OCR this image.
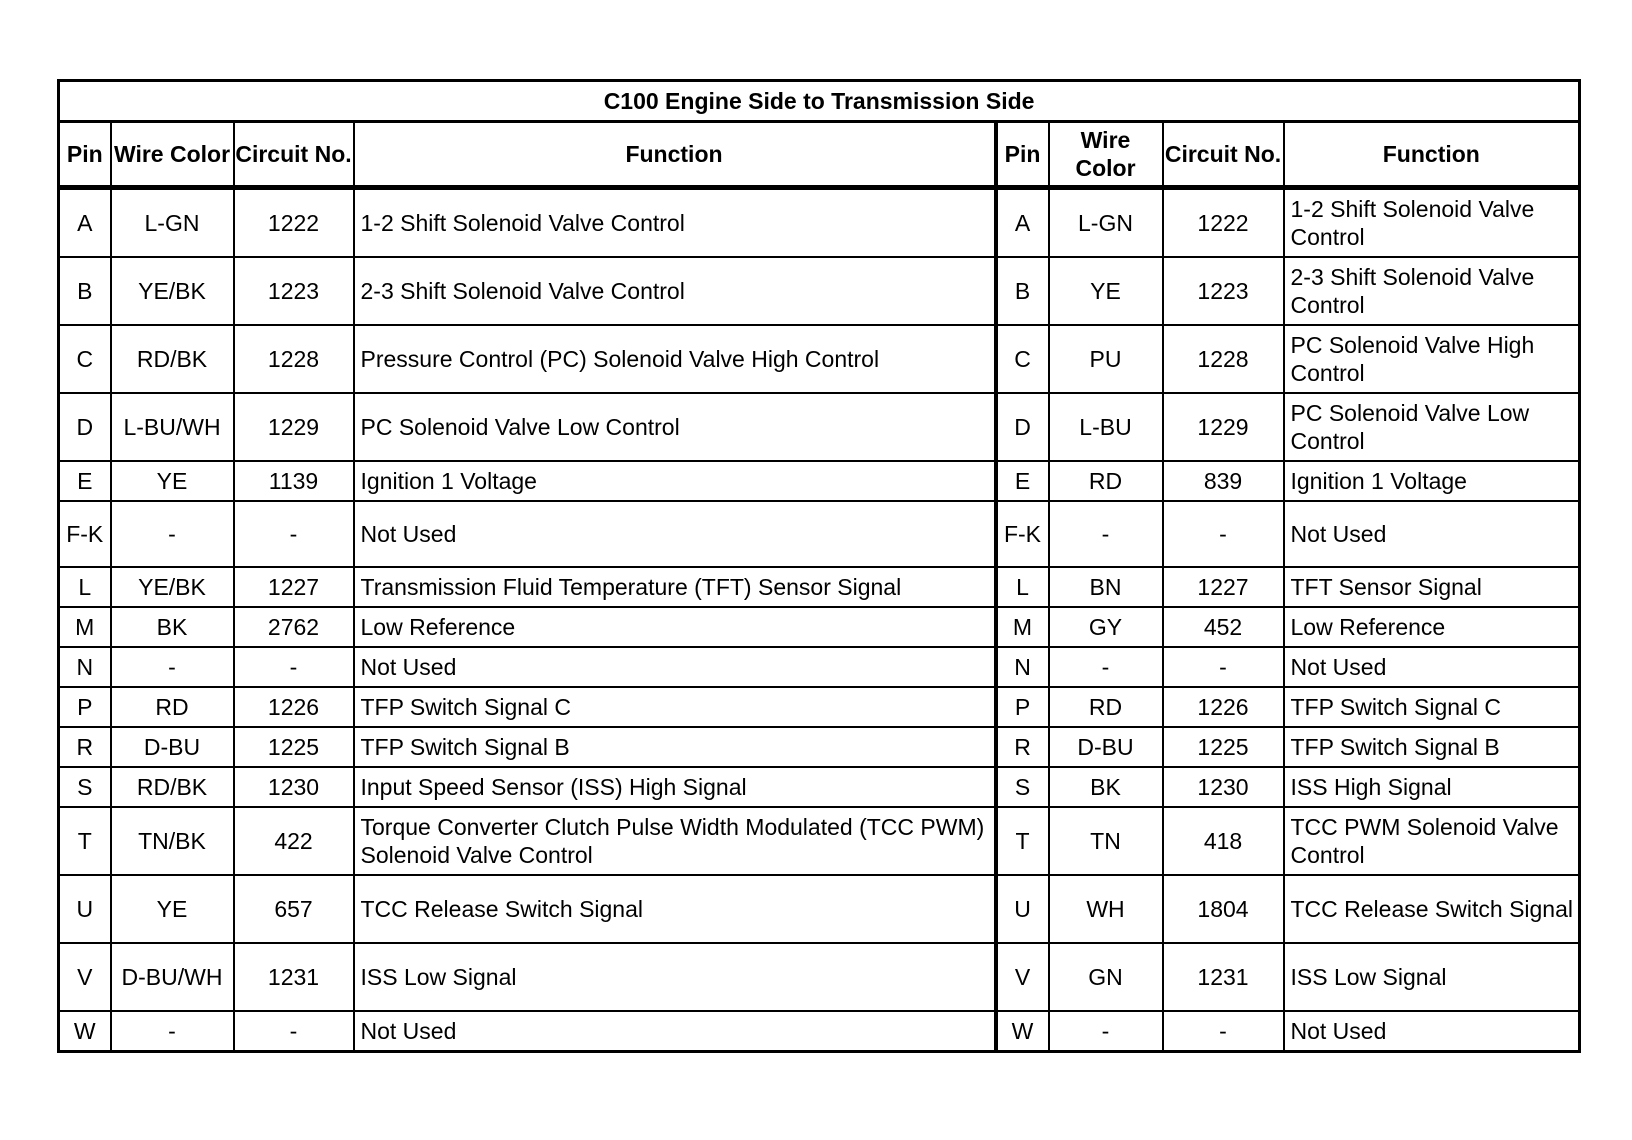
C100 Engine Side to Transmission Side							
Pin	Wire Color	Circuit No.	Function	Pin	Wire Color	Circuit No.	Function
A	L-GN	1222	1-2 Shift Solenoid Valve Control	A	L-GN	1222	1-2 Shift Solenoid Valve Control
B	YE/BK	1223	2-3 Shift Solenoid Valve Control	B	YE	1223	2-3 Shift Solenoid Valve Control
C	RD/BK	1228	Pressure Control (PC) Solenoid Valve High Control	C	PU	1228	PC Solenoid Valve High Control
D	L-BU/WH	1229	PC Solenoid Valve Low Control	D	L-BU	1229	PC Solenoid Valve Low Control
E	YE	1139	Ignition 1 Voltage	E	RD	839	Ignition 1 Voltage
F-K	-	-	Not Used	F-K	-	-	Not Used
L	YE/BK	1227	Transmission Fluid Temperature (TFT) Sensor Signal	L	BN	1227	TFT Sensor Signal
M	BK	2762	Low Reference	M	GY	452	Low Reference
N	-	-	Not Used	N	-	-	Not Used
P	RD	1226	TFP Switch Signal C	P	RD	1226	TFP Switch Signal C
R	D-BU	1225	TFP Switch Signal B	R	D-BU	1225	TFP Switch Signal B
S	RD/BK	1230	Input Speed Sensor (ISS) High Signal	S	BK	1230	ISS High Signal
T	TN/BK	422	Torque Converter Clutch Pulse Width Modulated (TCC PWM) Solenoid Valve Control	T	TN	418	TCC PWM Solenoid Valve Control
U	YE	657	TCC Release Switch Signal	U	WH	1804	TCC Release Switch Signal
V	D-BU/WH	1231	ISS Low Signal	V	GN	1231	ISS Low Signal
W	-	-	Not Used	W	-	-	Not Used
